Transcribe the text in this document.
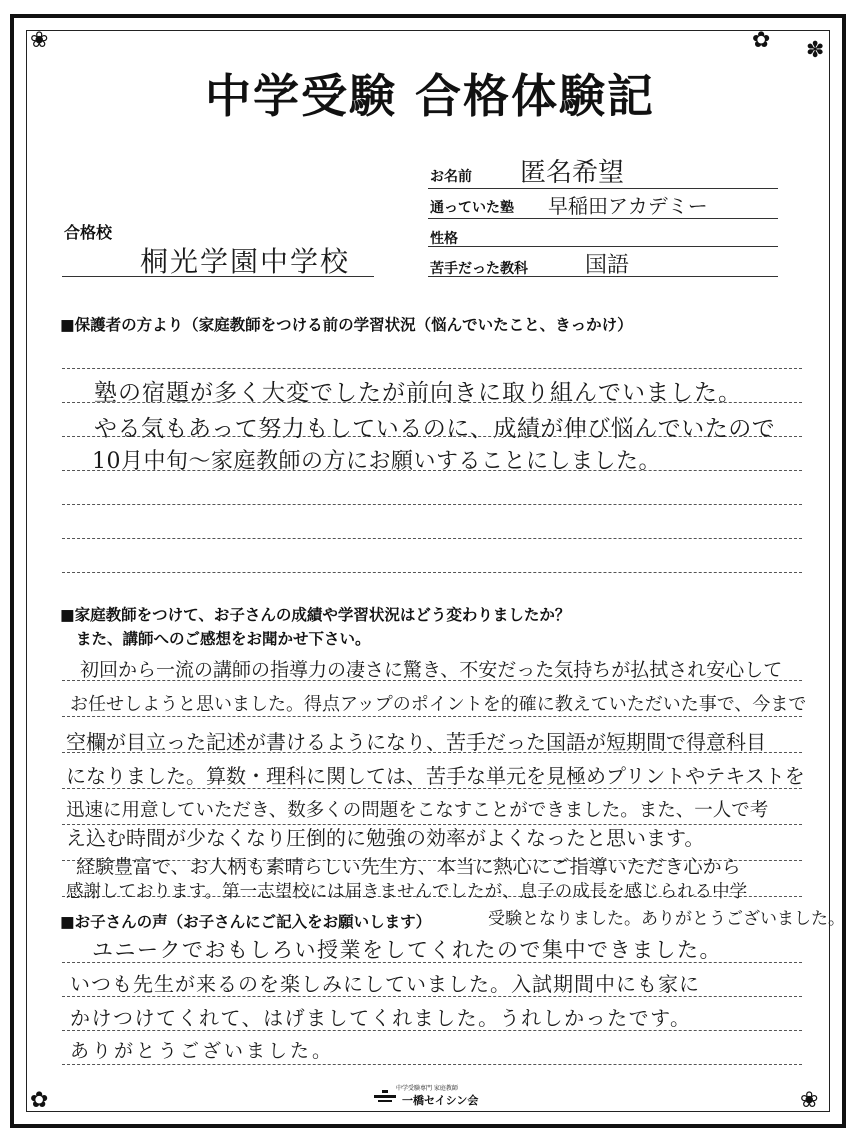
❀	✿ ✽
✿	❀
中学受験 合格体験記
お名前 匿名希望
通っていた塾 早稲田アカデミー
性格
苦手だった教科	国語
合格校
桐光学園中学校
■保護者の方より（家庭教師をつける前の学習状況（悩んでいたこと、きっかけ）
塾の宿題が多く大変でしたが前向きに取り組んでいました。
やる気もあって努力もしているのに、成績が伸び悩んでいたので
10月中旬～家庭教師の方にお願いすることにしました。
■家庭教師をつけて、お子さんの成績や学習状況はどう変わりましたか？
また、講師へのご感想をお聞かせ下さい。
初回から一流の講師の指導力の凄さに驚き、不安だった気持ちが払拭され安心して
お任せしようと思いました。得点アップのポイントを的確に教えていただいた事で、今まで
空欄が目立った記述が書けるようになり、苦手だった国語が短期間で得意科目
になりました。算数・理科に関しては、苦手な単元を見極めプリントやテキストを
迅速に用意していただき、数多くの問題をこなすことができました。また、一人で考
え込む時間が少なくなり圧倒的に勉強の効率がよくなったと思います。
経験豊富で、お人柄も素晴らしい先生方、本当に熱心にご指導いただき心から
感謝しております。第一志望校には届きませんでしたが、息子の成長を感じられる中学
受験となりました。ありがとうございました。
■お子さんの声（お子さんにご記入をお願いします）
ユニークでおもしろい授業をしてくれたので集中できました。
いつも先生が来るのを楽しみにしていました。入試期間中にも家に
かけつけてくれて、はげましてくれました。うれしかったです。
ありがとうございました。
中学受験専門 家庭教師
一橋セイシン会
